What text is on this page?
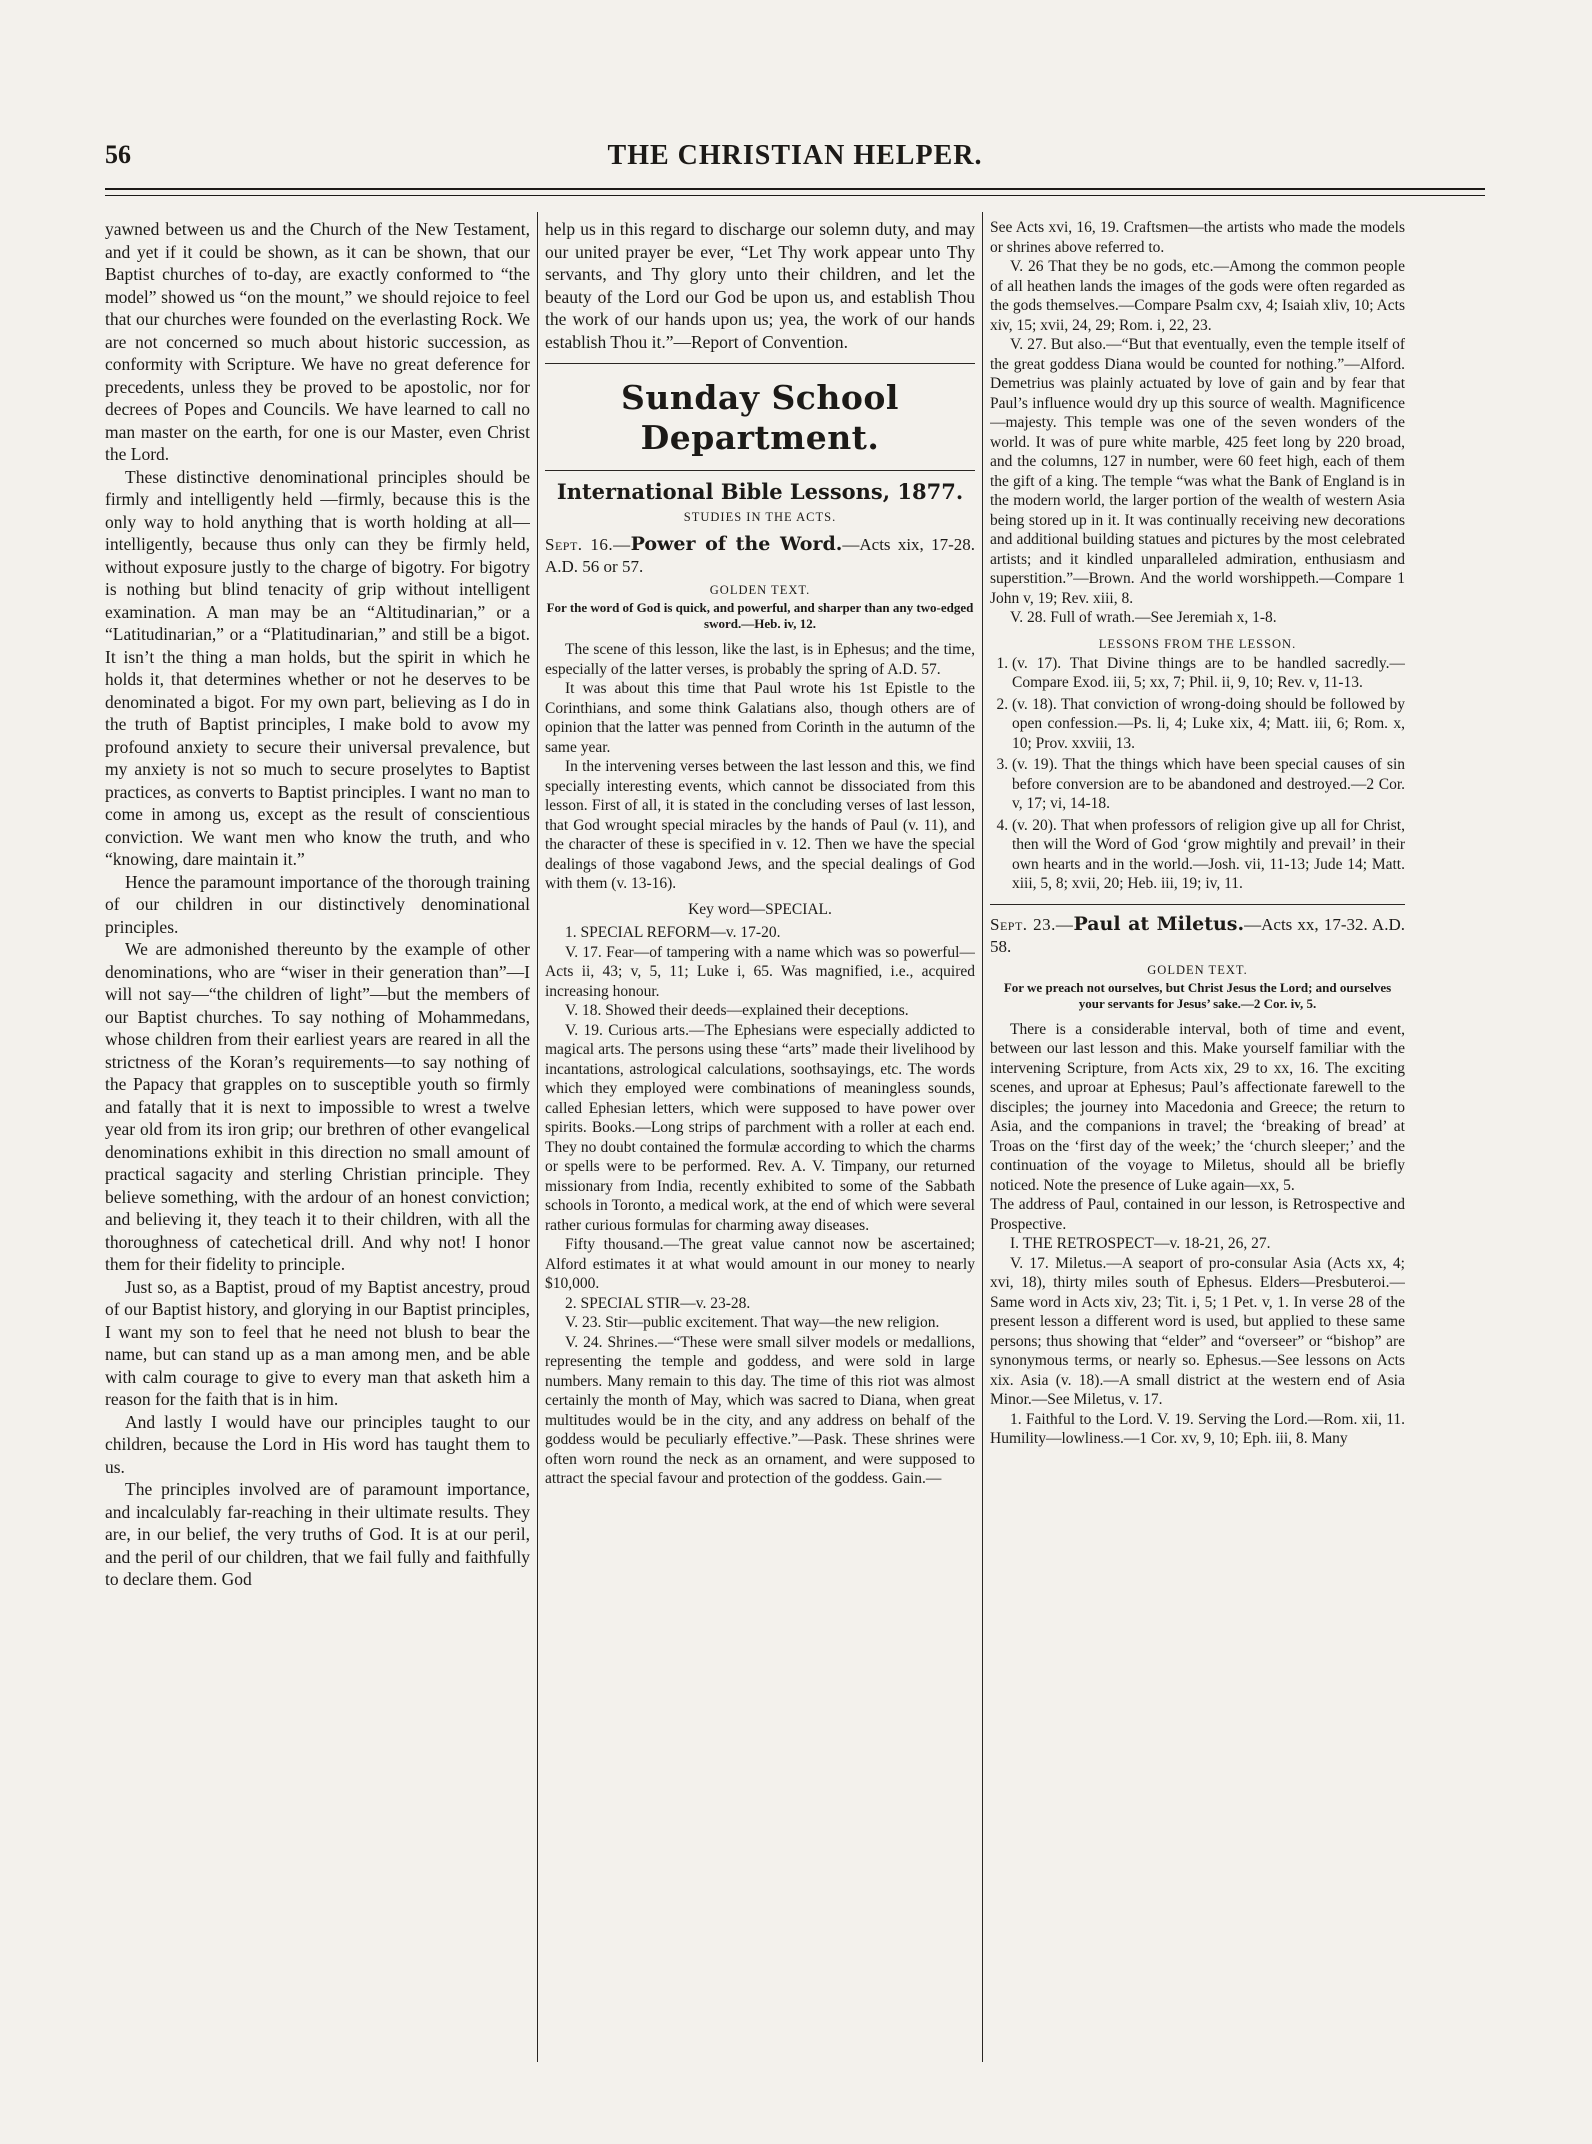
56	THE CHRISTIAN HELPER.

yawned between us and the Church of the New Testament, and yet if it could be shown, as it can be shown, that our Baptist churches of to-day, are exactly conformed to “the model” showed us “on the mount,” we should rejoice to feel that our churches were founded on the everlasting Rock. We are not concerned so much about historic succession, as conformity with Scripture. We have no great deference for precedents, unless they be proved to be apostolic, nor for decrees of Popes and Councils. We have learned to call no man master on the earth, for one is our Master, even Christ the Lord.

These distinctive denominational principles should be firmly and intelligently held —firmly, because this is the only way to hold anything that is worth holding at all—intelligently, because thus only can they be firmly held, without exposure justly to the charge of bigotry. For bigotry is nothing but blind tenacity of grip without intelligent examination. A man may be an “Altitudinarian,” or a “Latitudinarian,” or a “Platitudinarian,” and still be a bigot. It isn’t the thing a man holds, but the spirit in which he holds it, that determines whether or not he deserves to be denominated a bigot. For my own part, believing as I do in the truth of Baptist principles, I make bold to avow my profound anxiety to secure their universal prevalence, but my anxiety is not so much to secure proselytes to Baptist practices, as converts to Baptist principles. I want no man to come in among us, except as the result of conscientious conviction. We want men who know the truth, and who “knowing, dare maintain it.”

Hence the paramount importance of the thorough training of our children in our distinctively denominational principles.

We are admonished thereunto by the example of other denominations, who are “wiser in their generation than”—I will not say—“the children of light”—but the members of our Baptist churches. To say nothing of Mohammedans, whose children from their earliest years are reared in all the strictness of the Koran’s requirements—to say nothing of the Papacy that grapples on to susceptible youth so firmly and fatally that it is next to impossible to wrest a twelve year old from its iron grip; our brethren of other evangelical denominations exhibit in this direction no small amount of practical sagacity and sterling Christian principle. They believe something, with the ardour of an honest conviction; and believing it, they teach it to their children, with all the thoroughness of catechetical drill. And why not! I honor them for their fidelity to principle.

Just so, as a Baptist, proud of my Baptist ancestry, proud of our Baptist history, and glorying in our Baptist principles, I want my son to feel that he need not blush to bear the name, but can stand up as a man among men, and be able with calm courage to give to every man that asketh him a reason for the faith that is in him.

And lastly I would have our principles taught to our children, because the Lord in His word has taught them to us.

The principles involved are of paramount importance, and incalculably far-reaching in their ultimate results. They are, in our belief, the very truths of God. It is at our peril, and the peril of our children, that we fail fully and faithfully to declare them. God

help us in this regard to discharge our solemn duty, and may our united prayer be ever, “Let Thy work appear unto Thy servants, and Thy glory unto their children, and let the beauty of the Lord our God be upon us, and establish Thou the work of our hands upon us; yea, the work of our hands establish Thou it.”—Report of Convention.

Sunday School Department.

International Bible Lessons, 1877.

STUDIES IN THE ACTS.

Sept. 16.—Power of the Word.—Acts xix, 17-28. A.D. 56 or 57.

GOLDEN TEXT.

For the word of God is quick, and powerful, and sharper than any two-edged sword.—Heb. iv, 12.

The scene of this lesson, like the last, is in Ephesus; and the time, especially of the latter verses, is probably the spring of A.D. 57.

It was about this time that Paul wrote his 1st Epistle to the Corinthians, and some think Galatians also, though others are of opinion that the latter was penned from Corinth in the autumn of the same year.

In the intervening verses between the last lesson and this, we find specially interesting events, which cannot be dissociated from this lesson. First of all, it is stated in the concluding verses of last lesson, that God wrought special miracles by the hands of Paul (v. 11), and the character of these is specified in v. 12. Then we have the special dealings of those vagabond Jews, and the special dealings of God with them (v. 13-16).

Key word—SPECIAL.

1. SPECIAL REFORM—v. 17-20.

V. 17. Fear—of tampering with a name which was so powerful—Acts ii, 43; v, 5, 11; Luke i, 65. Was magnified, i.e., acquired increasing honour.

V. 18. Showed their deeds—explained their deceptions.

V. 19. Curious arts.—The Ephesians were especially addicted to magical arts. The persons using these “arts” made their livelihood by incantations, astrological calculations, soothsayings, etc. The words which they employed were combinations of meaningless sounds, called Ephesian letters, which were supposed to have power over spirits. Books.—Long strips of parchment with a roller at each end. They no doubt contained the formulæ according to which the charms or spells were to be performed. Rev. A. V. Timpany, our returned missionary from India, recently exhibited to some of the Sabbath schools in Toronto, a medical work, at the end of which were several rather curious formulas for charming away diseases.

Fifty thousand.—The great value cannot now be ascertained; Alford estimates it at what would amount in our money to nearly $10,000.

2. SPECIAL STIR—v. 23-28.

V. 23. Stir—public excitement. That way—the new religion.

V. 24. Shrines.—“These were small silver models or medallions, representing the temple and goddess, and were sold in large numbers. Many remain to this day. The time of this riot was almost certainly the month of May, which was sacred to Diana, when great multitudes would be in the city, and any address on behalf of the goddess would be peculiarly effective.”—Pask. These shrines were often worn round the neck as an ornament, and were supposed to attract the special favour and protection of the goddess. Gain.—

See Acts xvi, 16, 19. Craftsmen—the artists who made the models or shrines above referred to.

V. 26 That they be no gods, etc.—Among the common people of all heathen lands the images of the gods were often regarded as the gods themselves.—Compare Psalm cxv, 4; Isaiah xliv, 10; Acts xiv, 15; xvii, 24, 29; Rom. i, 22, 23.

V. 27. But also.—“But that eventually, even the temple itself of the great goddess Diana would be counted for nothing.”—Alford. Demetrius was plainly actuated by love of gain and by fear that Paul’s influence would dry up this source of wealth. Magnificence—majesty. This temple was one of the seven wonders of the world. It was of pure white marble, 425 feet long by 220 broad, and the columns, 127 in number, were 60 feet high, each of them the gift of a king. The temple “was what the Bank of England is in the modern world, the larger portion of the wealth of western Asia being stored up in it. It was continually receiving new decorations and additional building statues and pictures by the most celebrated artists; and it kindled unparalleled admiration, enthusiasm and superstition.”—Brown. And the world worshippeth.—Compare 1 John v, 19; Rev. xiii, 8.

V. 28. Full of wrath.—See Jeremiah x, 1-8.

LESSONS FROM THE LESSON.

1. (v. 17). That Divine things are to be handled sacredly.—Compare Exod. iii, 5; xx, 7; Phil. ii, 9, 10; Rev. v, 11-13.
2. (v. 18). That conviction of wrong-doing should be followed by open confession.—Ps. li, 4; Luke xix, 4; Matt. iii, 6; Rom. x, 10; Prov. xxviii, 13.
3. (v. 19). That the things which have been special causes of sin before conversion are to be abandoned and destroyed.—2 Cor. v, 17; vi, 14-18.
4. (v. 20). That when professors of religion give up all for Christ, then will the Word of God ‘grow mightily and prevail’ in their own hearts and in the world.—Josh. vii, 11-13; Jude 14; Matt. xiii, 5, 8; xvii, 20; Heb. iii, 19; iv, 11.

Sept. 23.—Paul at Miletus.—Acts xx, 17-32. A.D. 58.

GOLDEN TEXT.

For we preach not ourselves, but Christ Jesus the Lord; and ourselves your servants for Jesus’ sake.—2 Cor. iv, 5.

There is a considerable interval, both of time and event, between our last lesson and this. Make yourself familiar with the intervening Scripture, from Acts xix, 29 to xx, 16. The exciting scenes, and uproar at Ephesus; Paul’s affectionate farewell to the disciples; the journey into Macedonia and Greece; the return to Asia, and the companions in travel; the ‘breaking of bread’ at Troas on the ‘first day of the week;’ the ‘church sleeper;’ and the continuation of the voyage to Miletus, should all be briefly noticed. Note the presence of Luke again—xx, 5.

The address of Paul, contained in our lesson, is Retrospective and Prospective.

I. THE RETROSPECT—v. 18-21, 26, 27.

V. 17. Miletus.—A seaport of pro-consular Asia (Acts xx, 4; xvi, 18), thirty miles south of Ephesus. Elders—Presbuteroi.—Same word in Acts xiv, 23; Tit. i, 5; 1 Pet. v, 1. In verse 28 of the present lesson a different word is used, but applied to these same persons; thus showing that “elder” and “overseer” or “bishop” are synonymous terms, or nearly so. Ephesus.—See lessons on Acts xix. Asia (v. 18).—A small district at the western end of Asia Minor.—See Miletus, v. 17.

1. Faithful to the Lord. V. 19. Serving the Lord.—Rom. xii, 11. Humility—lowliness.—1 Cor. xv, 9, 10; Eph. iii, 8. Many
